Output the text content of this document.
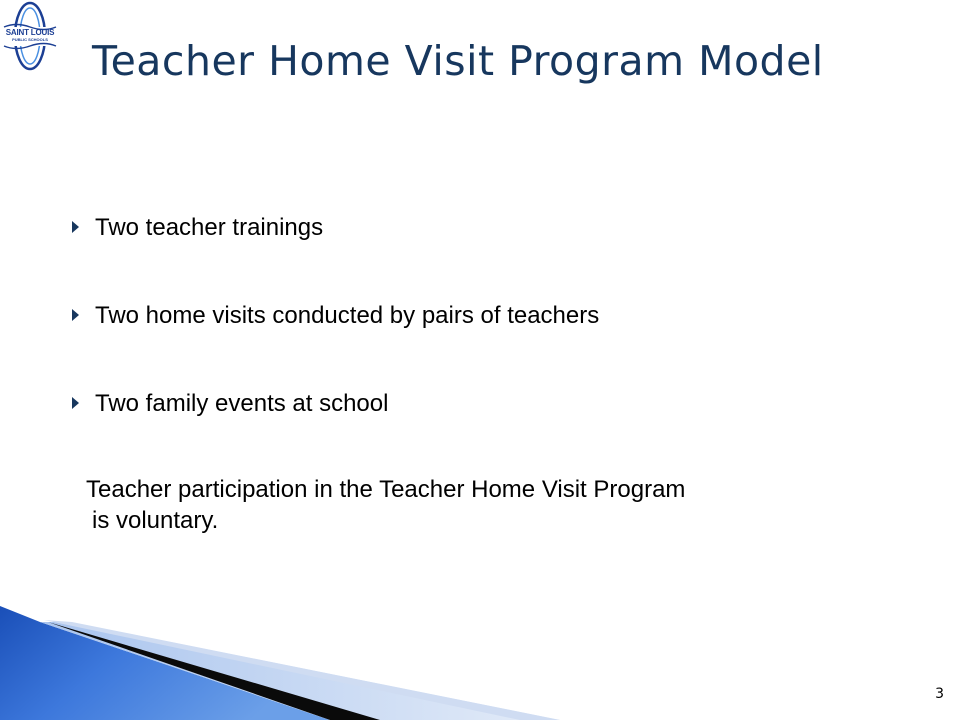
SAINT LOUIS
PUBLIC SCHOOLS Teacher Home Visit Program Model
Two teacher trainings
Two home visits conducted by pairs of teachers
Two family events at school

Teacher participation in the Teacher Home Visit Program
is voluntary.

3
